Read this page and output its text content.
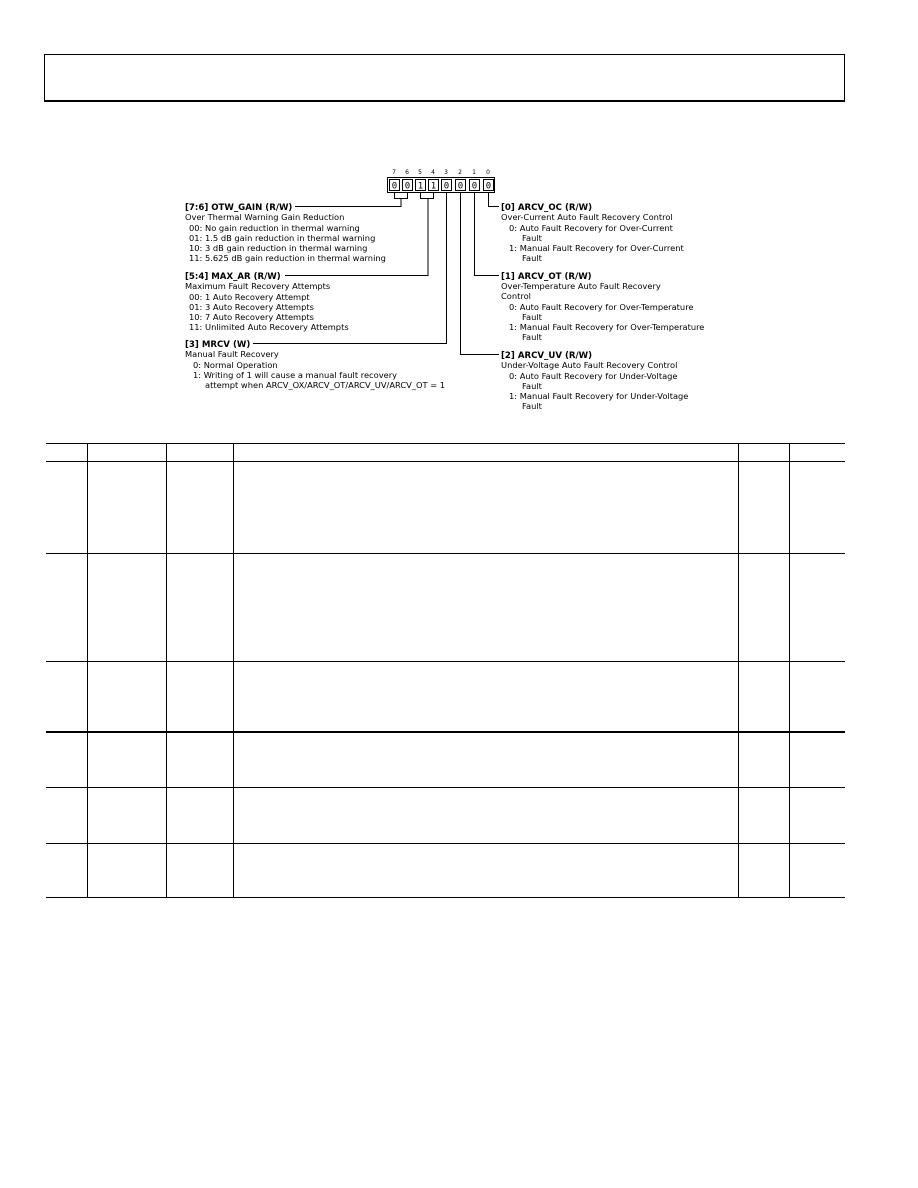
7 6 5 4 3 2 1 0
0 0 1 1 0 0 0 0
[7:6] OTW_GAIN (R/W)
Over Thermal Warning Gain Reduction
00: No gain reduction in thermal warning
01: 1.5 dB gain reduction in thermal warning
10: 3 dB gain reduction in thermal warning
11: 5.625 dB gain reduction in thermal warning
[5:4] MAX_AR (R/W)
Maximum Fault Recovery Attempts
00: 1 Auto Recovery Attempt
01: 3 Auto Recovery Attempts
10: 7 Auto Recovery Attempts
11: Unlimited Auto Recovery Attempts
[3] MRCV (W)
Manual Fault Recovery
0: Normal Operation
1: Writing of 1 will cause a manual fault recovery
attempt when ARCV_OX/ARCV_OT/ARCV_UV/ARCV_OT = 1
[0] ARCV_OC (R/W)
Over-Current Auto Fault Recovery Control
0: Auto Fault Recovery for Over-Current
Fault
1: Manual Fault Recovery for Over-Current
Fault
[1] ARCV_OT (R/W)
Over-Temperature Auto Fault Recovery
Control
0: Auto Fault Recovery for Over-Temperature
Fault
1: Manual Fault Recovery for Over-Temperature
Fault
[2] ARCV_UV (R/W)
Under-Voltage Auto Fault Recovery Control
0: Auto Fault Recovery for Under-Voltage
Fault
1: Manual Fault Recovery for Under-Voltage
Fault
